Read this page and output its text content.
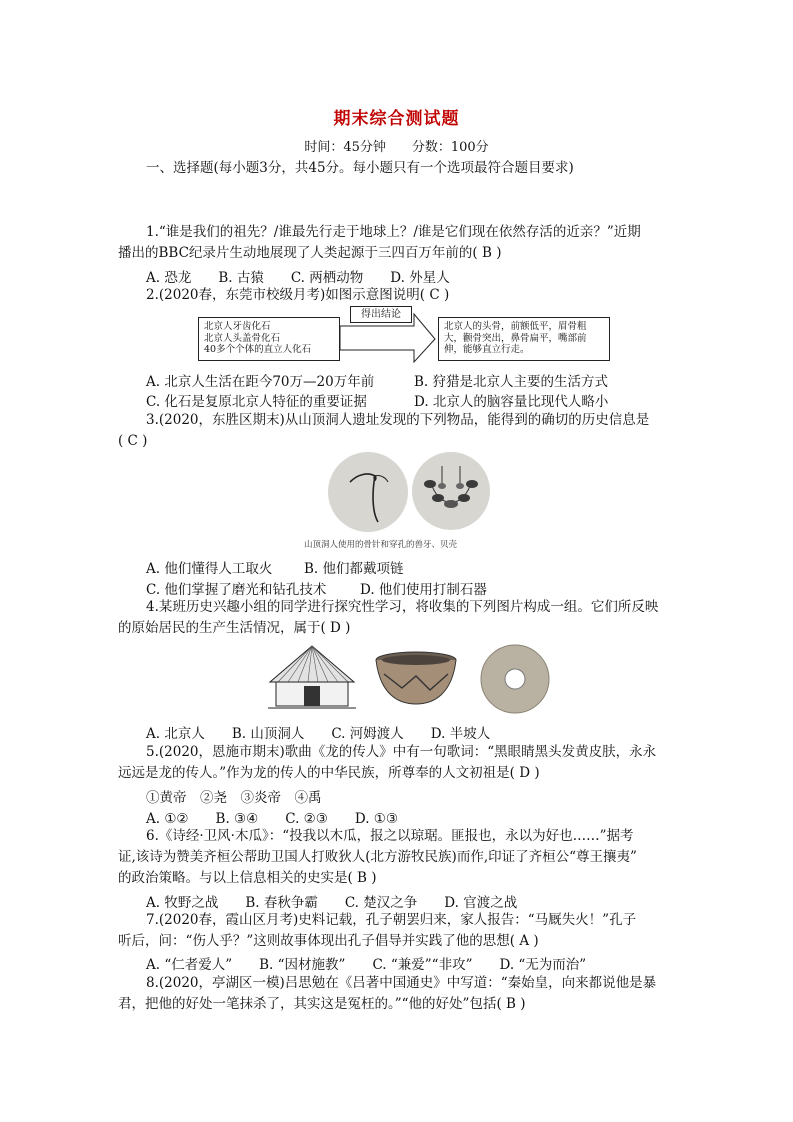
期末综合测试题
时间：45分钟　　分数：100分
一、选择题(每小题3分，共45分。每小题只有一个选项最符合题目要求)
1.“谁是我们的祖先？/谁最先行走于地球上？/谁是它们现在依然存活的近亲？”近期
播出的BBC纪录片生动地展现了人类起源于三四百万年前的( B )
A. 恐龙　　B. 古猿　　C. 两栖动物　　D. 外星人
2.(2020春，东莞市校级月考)如图示意图说明( C )
北京人牙齿化石
北京人头盖骨化石
40多个个体的直立人化石
得出结论
北京人的头骨，前额低平，眉骨粗大，颧骨突出，鼻骨扁平，嘴部前伸，能够直立行走。
A. 北京人生活在距今70万—20万年前	B. 狩猎是北京人主要的生活方式
C. 化石是复原北京人特征的重要证据	D. 北京人的脑容量比现代人略小
3.(2020，东胜区期末)从山顶洞人遗址发现的下列物品，能得到的确切的历史信息是
( C )
山顶洞人使用的骨针和穿孔的兽牙、贝壳
A. 他们懂得人工取火 B. 他们都戴项链
C. 他们掌握了磨光和钻孔技术 D. 他们使用打制石器
4.某班历史兴趣小组的同学进行探究性学习，将收集的下列图片构成一组。它们所反映
的原始居民的生产生活情况，属于( D )
A. 北京人　　B. 山顶洞人　　C. 河姆渡人　　D. 半坡人
5.(2020，恩施市期末)歌曲《龙的传人》中有一句歌词：“黑眼睛黑头发黄皮肤，永永
远远是龙的传人。”作为龙的传人的中华民族，所尊奉的人文初祖是( D )
①黄帝　②尧　③炎帝　④禹
A. ①②　　B. ③④　　C. ②③　　D. ①③
6.《诗经·卫风·木瓜》：“投我以木瓜，报之以琼琚。匪报也，永以为好也……”据考
证,该诗为赞美齐桓公帮助卫国人打败狄人(北方游牧民族)而作,印证了齐桓公“尊王攘夷”
的政治策略。与以上信息相关的史实是( B )
A. 牧野之战　　B. 春秋争霸　　C. 楚汉之争　　D. 官渡之战
7.(2020春，霞山区月考)史料记载，孔子朝罢归来，家人报告：“马厩失火！”孔子
听后，问：“伤人乎？”这则故事体现出孔子倡导并实践了他的思想( A )
A. “仁者爱人”　　B. “因材施教”　　C. “兼爱”“非攻”　　D. “无为而治”
8.(2020，亭湖区一模)吕思勉在《吕著中国通史》中写道：“秦始皇，向来都说他是暴
君，把他的好处一笔抹杀了，其实这是冤枉的。”“他的好处”包括( B )
